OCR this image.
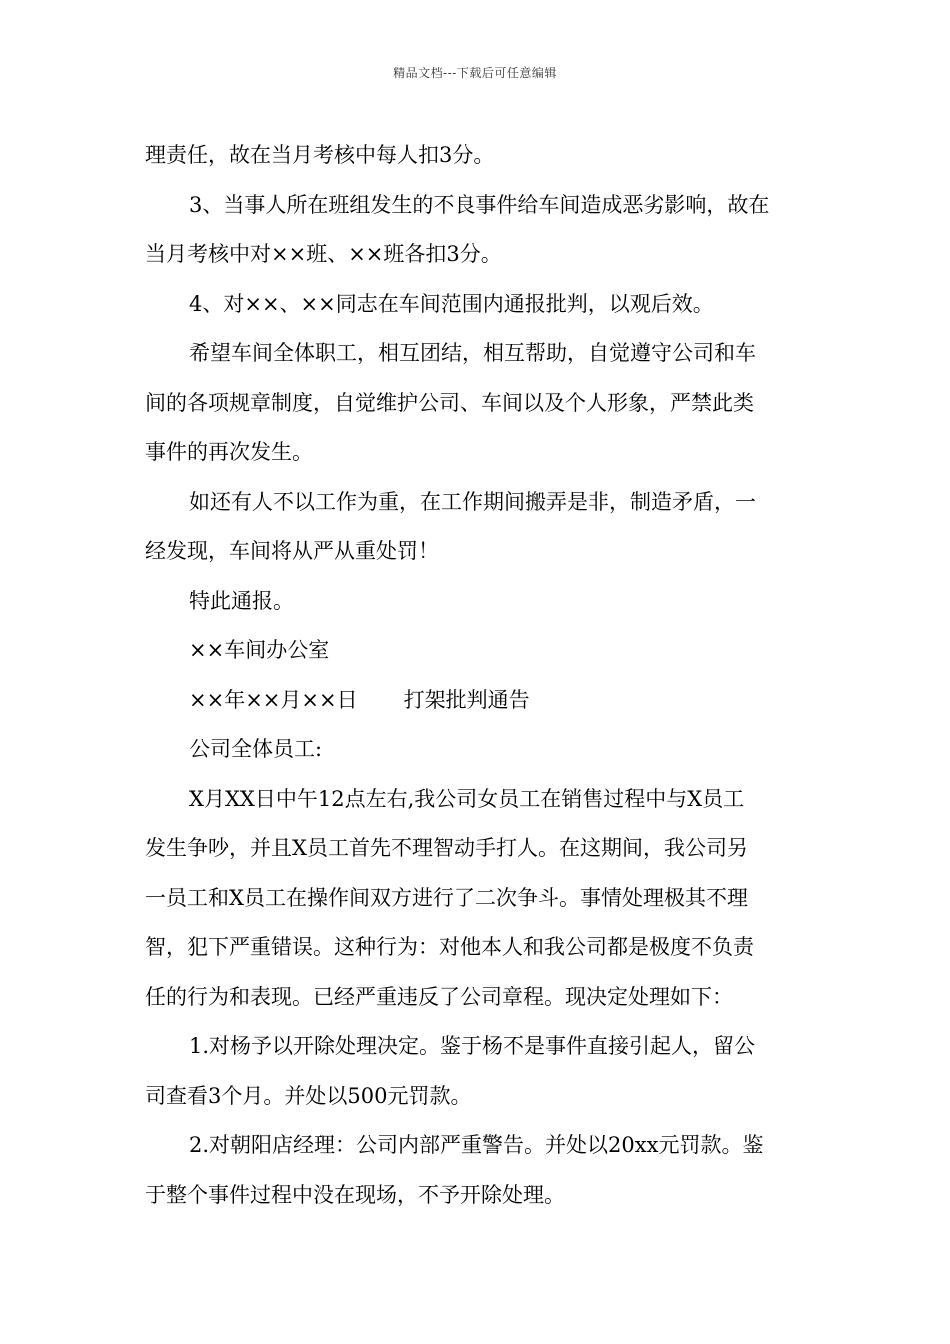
精品文档---下载后可任意编辑

理责任，故在当月考核中每人扣3分。

3、当事人所在班组发生的不良事件给车间造成恶劣影响，故在

当月考核中对××班、××班各扣3分。

4、对××、××同志在车间范围内通报批判，以观后效。

希望车间全体职工，相互团结，相互帮助，自觉遵守公司和车

间的各项规章制度，自觉维护公司、车间以及个人形象，严禁此类

事件的再次发生。

如还有人不以工作为重，在工作期间搬弄是非，制造矛盾，一

经发现，车间将从严从重处罚！

特此通报。

××车间办公室

××年××月××日 打架批判通告

公司全体员工:

X月XX日中午12点左右,我公司女员工在销售过程中与X员工

发生争吵，并且X员工首先不理智动手打人。在这期间，我公司另

一员工和X员工在操作间双方进行了二次争斗。事情处理极其不理

智，犯下严重错误。这种行为：对他本人和我公司都是极度不负责

任的行为和表现。已经严重违反了公司章程。现决定处理如下：

1.对杨予以开除处理决定。鉴于杨不是事件直接引起人，留公

司查看3个月。并处以500元罚款。

2.对朝阳店经理：公司内部严重警告。并处以20xx元罚款。鉴

于整个事件过程中没在现场，不予开除处理。
